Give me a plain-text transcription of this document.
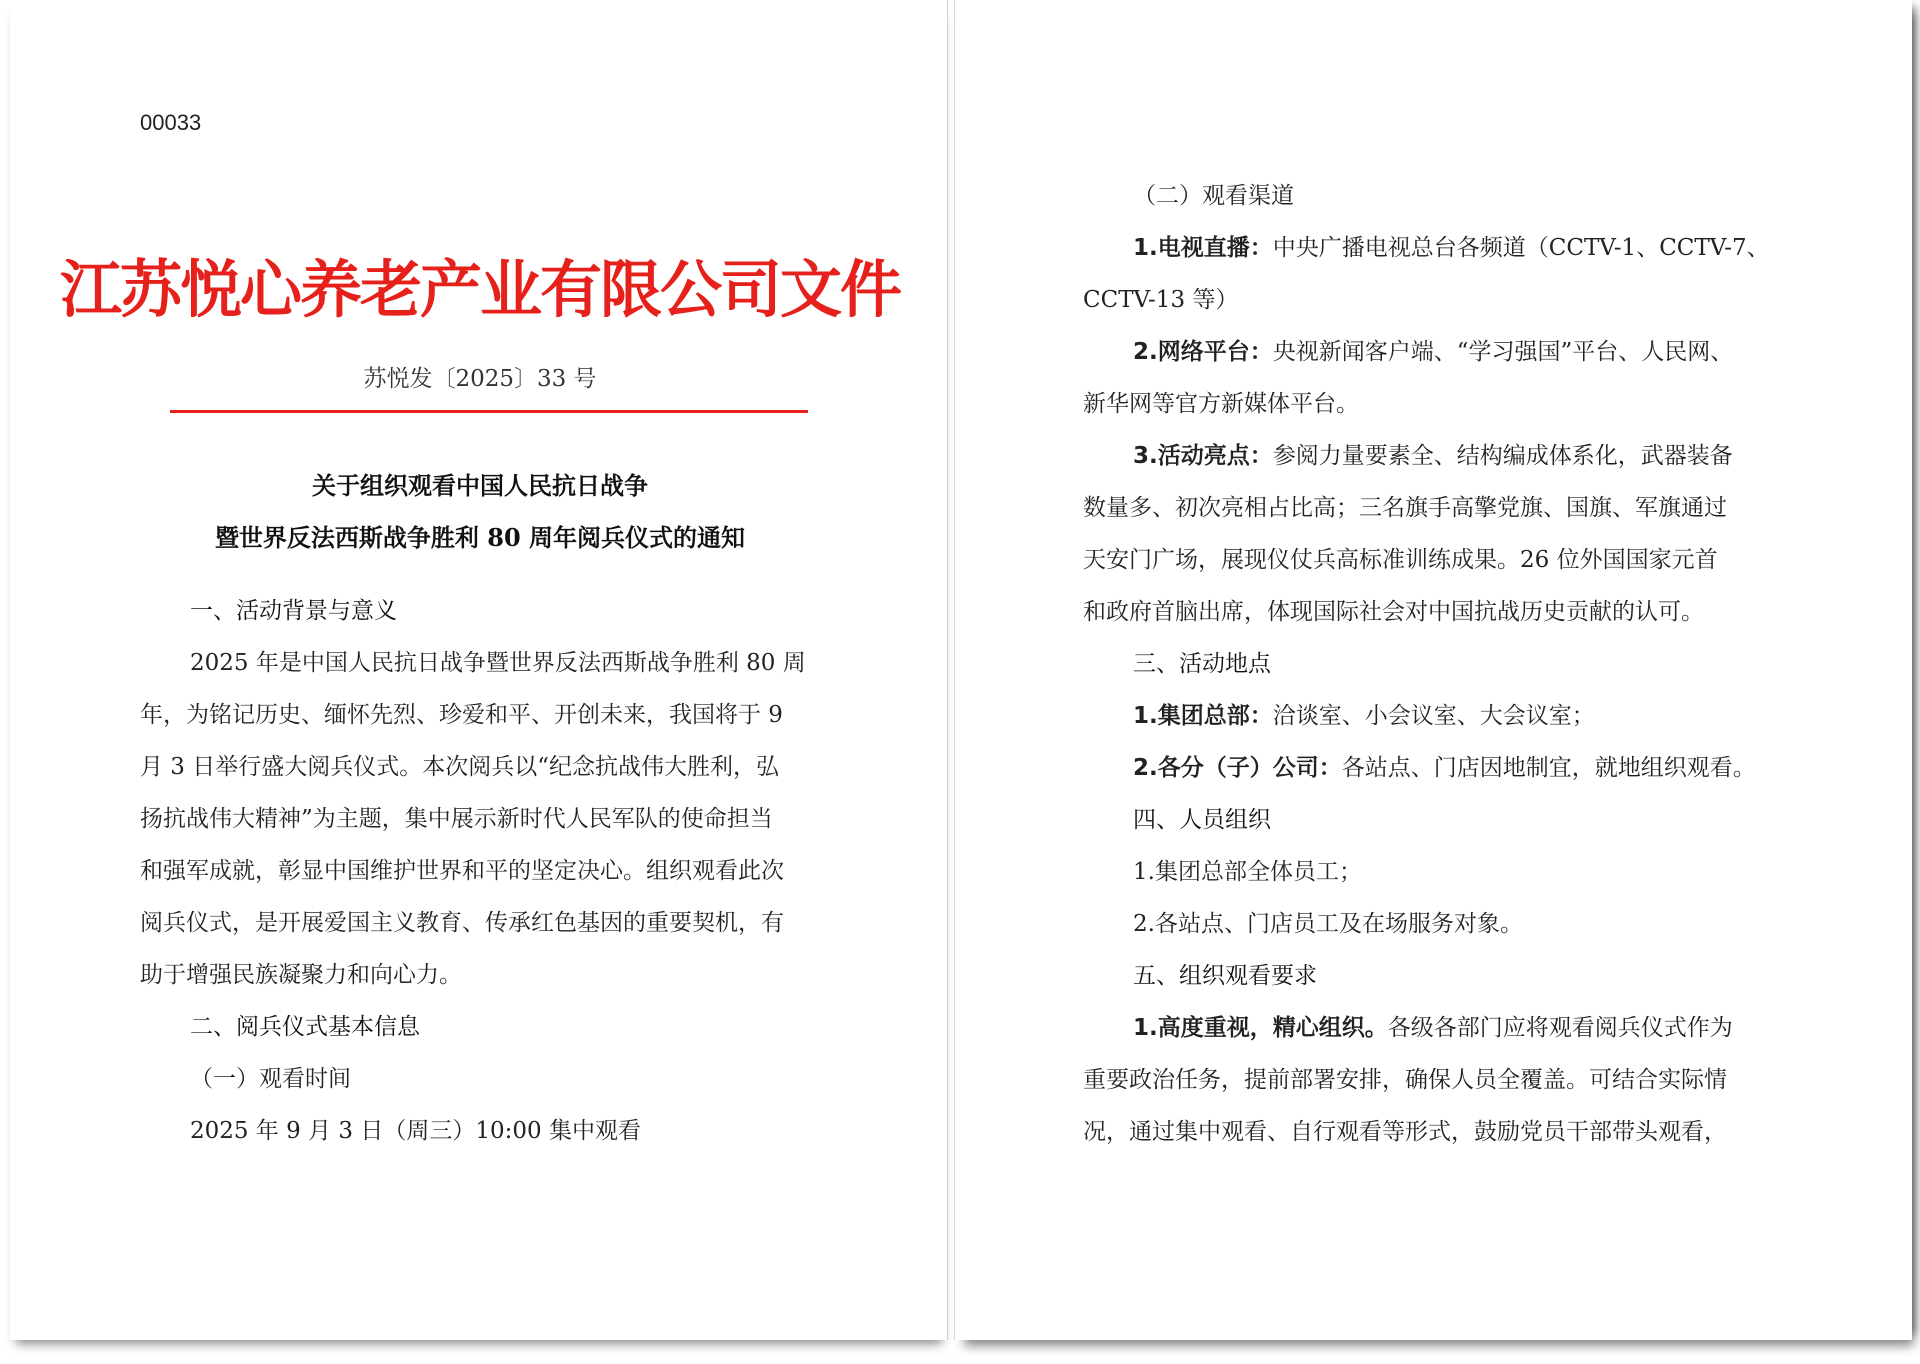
00033
江苏悦心养老产业有限公司文件
苏悦发〔2025〕33 号
关于组织观看中国人民抗日战争
暨世界反法西斯战争胜利 80 周年阅兵仪式的通知
一、活动背景与意义
2025 年是中国人民抗日战争暨世界反法西斯战争胜利 80 周
年，为铭记历史、缅怀先烈、珍爱和平、开创未来，我国将于 9
月 3 日举行盛大阅兵仪式。本次阅兵以“纪念抗战伟大胜利，弘
扬抗战伟大精神”为主题，集中展示新时代人民军队的使命担当
和强军成就，彰显中国维护世界和平的坚定决心。组织观看此次
阅兵仪式，是开展爱国主义教育、传承红色基因的重要契机，有
助于增强民族凝聚力和向心力。
二、阅兵仪式基本信息
（一）观看时间
2025 年 9 月 3 日（周三）10:00 集中观看
（二）观看渠道
1.电视直播：中央广播电视总台各频道（CCTV-1、CCTV-7、
CCTV-13 等）
2.网络平台：央视新闻客户端、“学习强国”平台、人民网、
新华网等官方新媒体平台。
3.活动亮点：参阅力量要素全、结构编成体系化，武器装备
数量多、初次亮相占比高；三名旗手高擎党旗、国旗、军旗通过
天安门广场，展现仪仗兵高标准训练成果。26 位外国国家元首
和政府首脑出席，体现国际社会对中国抗战历史贡献的认可。
三、活动地点
1.集团总部：洽谈室、小会议室、大会议室；
2.各分（子）公司：各站点、门店因地制宜，就地组织观看。
四、人员组织
1.集团总部全体员工；
2.各站点、门店员工及在场服务对象。
五、组织观看要求
1.高度重视，精心组织。各级各部门应将观看阅兵仪式作为
重要政治任务，提前部署安排，确保人员全覆盖。可结合实际情
况，通过集中观看、自行观看等形式，鼓励党员干部带头观看，
